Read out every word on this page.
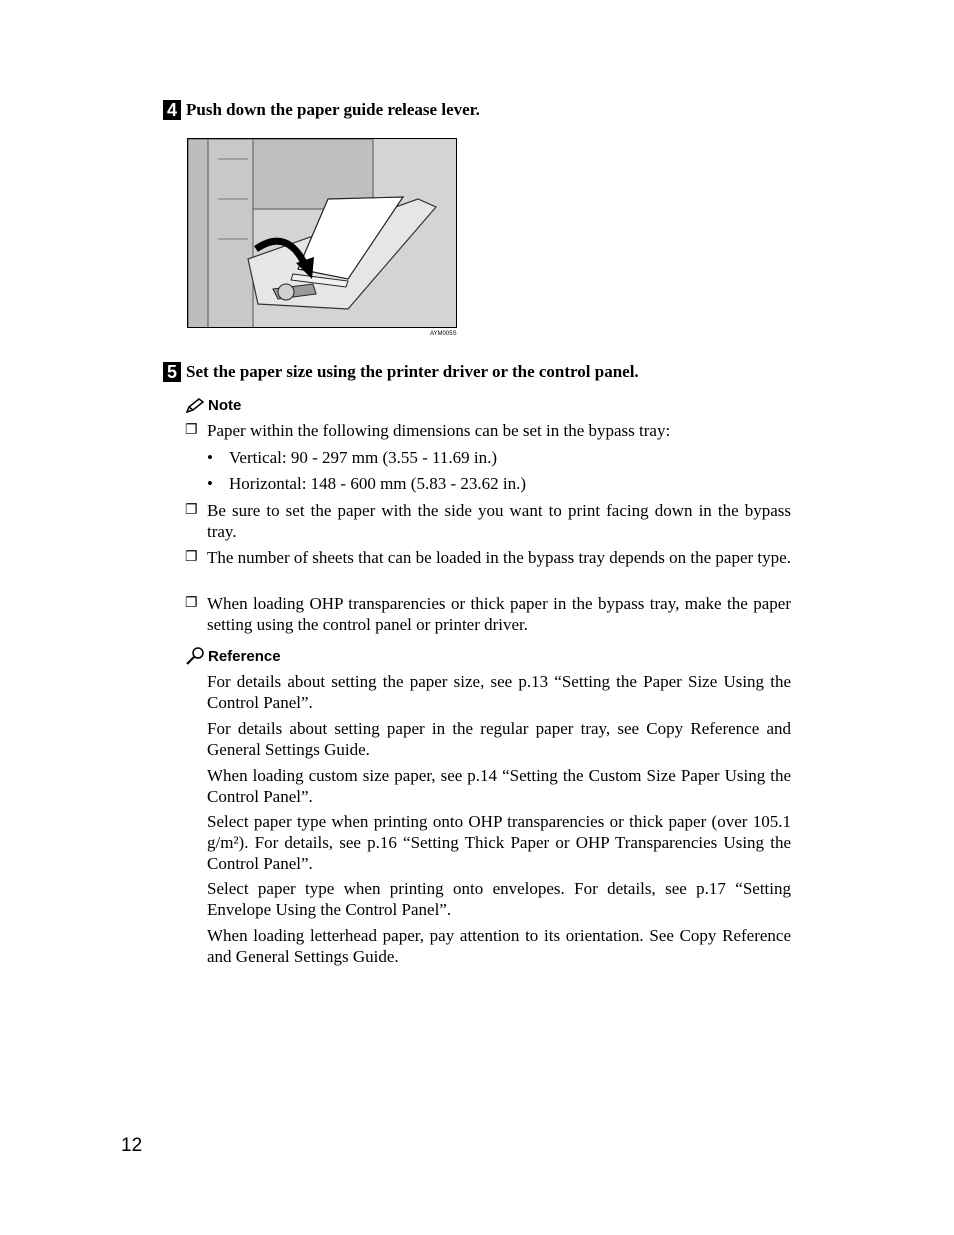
4 Push down the paper guide release lever.
AYM005S
5 Set the paper size using the printer driver or the control panel.
Note
❐ Paper within the following dimensions can be set in the bypass tray:
• Vertical: 90 - 297 mm (3.55 - 11.69 in.)
• Horizontal: 148 - 600 mm (5.83 - 23.62 in.)
❐ Be sure to set the paper with the side you want to print facing down in the bypass tray.
❐ The number of sheets that can be loaded in the bypass tray depends on the paper type.
❐ When loading OHP transparencies or thick paper in the bypass tray, make the paper setting using the control panel or printer driver.
Reference
For details about setting the paper size, see p.13 “Setting the Paper Size Using the Control Panel”.
For details about setting paper in the regular paper tray, see Copy Reference and General Settings Guide.
When loading custom size paper, see p.14 “Setting the Custom Size Paper Using the Control Panel”.
Select paper type when printing onto OHP transparencies or thick paper (over 105.1 g/m²). For details, see p.16 “Setting Thick Paper or OHP Transparencies Using the Control Panel”.
Select paper type when printing onto envelopes. For details, see p.17 “Setting Envelope Using the Control Panel”.
When loading letterhead paper, pay attention to its orientation. See Copy Reference and General Settings Guide.
12
